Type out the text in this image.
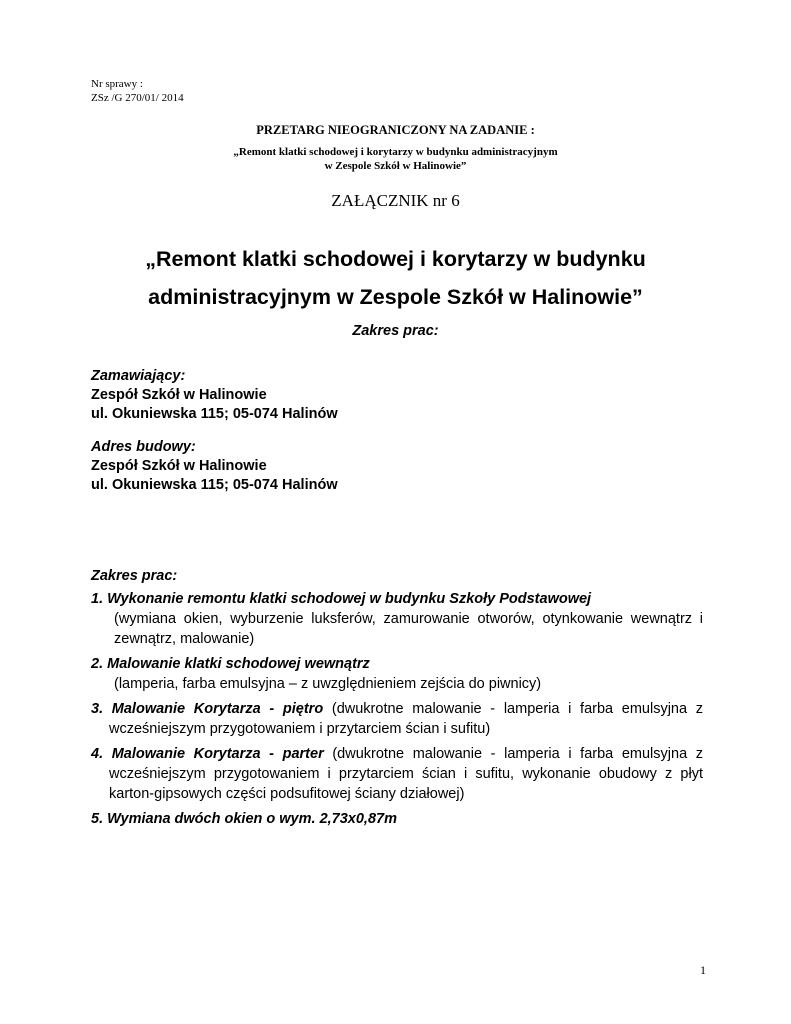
Nr sprawy :
ZSz /G 270/01/ 2014
PRZETARG NIEOGRANICZONY NA ZADANIE :
„Remont klatki schodowej i korytarzy w budynku administracyjnym
w Zespole Szkół w Halinowie”
ZAŁĄCZNIK nr 6
„Remont klatki schodowej i korytarzy w budynku
administracyjnym w Zespole Szkół w Halinowie”
Zakres prac:
Zamawiający:
Zespół Szkół w Halinowie
ul. Okuniewska 115; 05-074 Halinów
Adres budowy:
Zespół Szkół w Halinowie
ul. Okuniewska 115; 05-074 Halinów
Zakres prac:
1. Wykonanie remontu klatki schodowej w budynku Szkoły Podstawowej
(wymiana okien, wyburzenie luksferów, zamurowanie otworów, otynkowanie wewnątrz i zewnątrz, malowanie)
2. Malowanie klatki schodowej wewnątrz
(lamperia, farba emulsyjna – z uwzględnieniem zejścia do piwnicy)
3. Malowanie Korytarza - piętro (dwukrotne malowanie - lamperia i farba emulsyjna z wcześniejszym przygotowaniem i przytarciem ścian i sufitu)
4. Malowanie Korytarza - parter (dwukrotne malowanie - lamperia i farba emulsyjna z wcześniejszym przygotowaniem i przytarciem ścian i sufitu, wykonanie obudowy z płyt karton-gipsowych części podsufitowej ściany działowej)
5. Wymiana dwóch okien o wym. 2,73x0,87m
1
